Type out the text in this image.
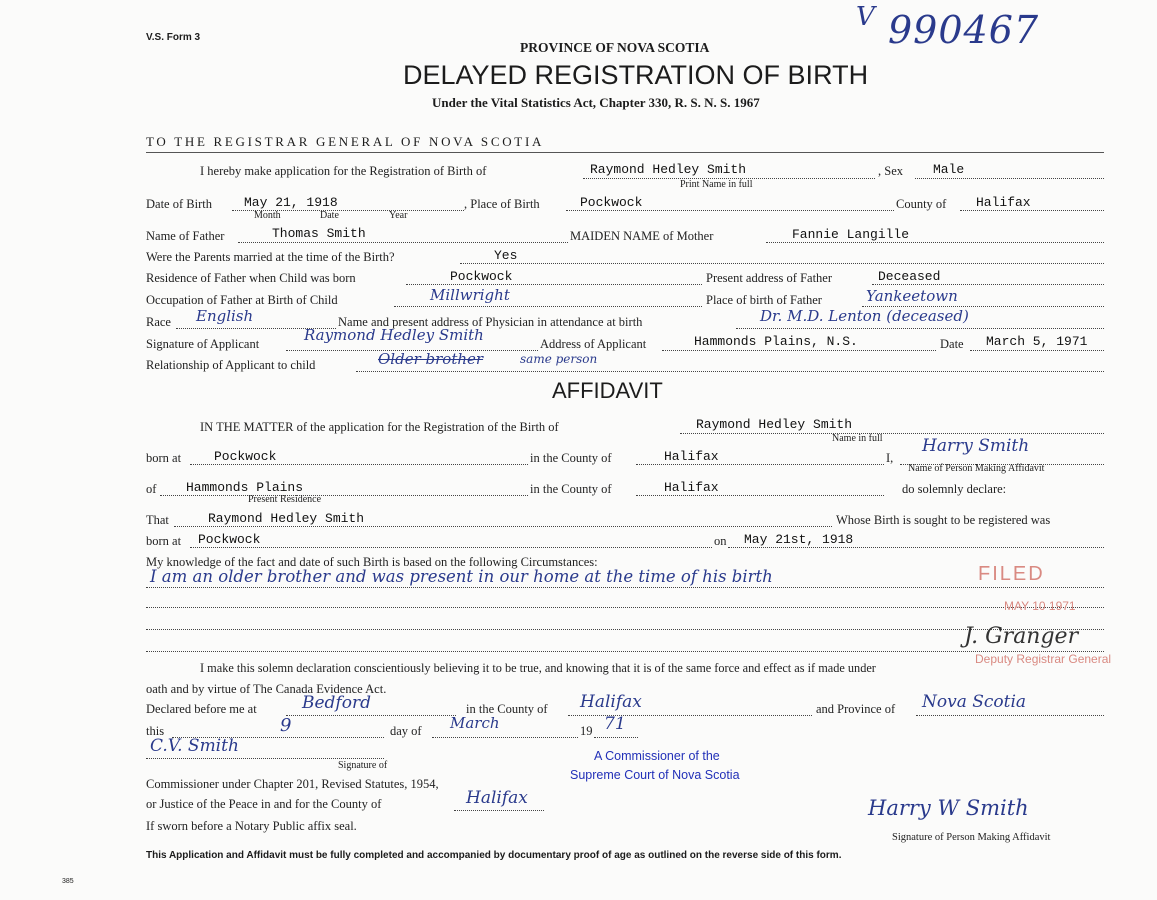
V.S. Form 3
V 990467
PROVINCE OF NOVA SCOTIA
DELAYED REGISTRATION OF BIRTH
Under the Vital Statistics Act, Chapter 330, R. S. N. S. 1967
TO THE REGISTRAR GENERAL OF NOVA SCOTIA
I hereby make application for the Registration of Birth of	Raymond Hedley Smith
Print Name in full
, Sex Male
Date of Birth May 21, 1918
Month	Date	Year
, Place of Birth	Pockwock	County of Halifax
Name of Father	Thomas Smith	MAIDEN NAME of Mother	Fannie Langille
Were the Parents married at the time of the Birth?	Yes
Residence of Father when Child was born	Pockwock	Present address of Father	Deceased
Occupation of Father at Birth of Child	Millwright	Place of birth of Father	Yankeetown
Race English	Name and present address of Physician in attendance at birth	Dr. M.D. Lenton (deceased)
Signature of Applicant	Raymond Hedley Smith	Address of Applicant	Hammonds Plains, N.S.	Date March 5, 1971
Relationship of Applicant to child	Older brother	same person
AFFIDAVIT
IN THE MATTER of the application for the Registration of the Birth of	Raymond Hedley Smith
Name in full
born at	Pockwock	in the County of	Halifax	I,
Harry Smith
Name of Person Making Affidavit
of Hammonds Plains
Present Residence
in the County of	Halifax	do solemnly declare:
That	Raymond Hedley Smith	Whose Birth is sought to be registered was
born at Pockwock	on May 21st, 1918
My knowledge of the fact and date of such Birth is based on the following Circumstances:
I am an older brother and was present in our home at the time of his birth	FILED
MAY 10 1971
J. Granger
Deputy Registrar General
I make this solemn declaration conscientiously believing it to be true, and knowing that it is of the same force and effect as if made under
oath and by virtue of The Canada Evidence Act.
Declared before me at	Bedford	in the County of Halifax	and Province of Nova Scotia
this	9	day of March	19 71
C.V. Smith
Signature of
A Commissioner of the
Supreme Court of Nova Scotia
Commissioner under Chapter 201, Revised Statutes, 1954,
or Justice of the Peace in and for the County of	Halifax
If sworn before a Notary Public affix seal.
Harry W Smith
Signature of Person Making Affidavit
This Application and Affidavit must be fully completed and accompanied by documentary proof of age as outlined on the reverse side of this form.
385
